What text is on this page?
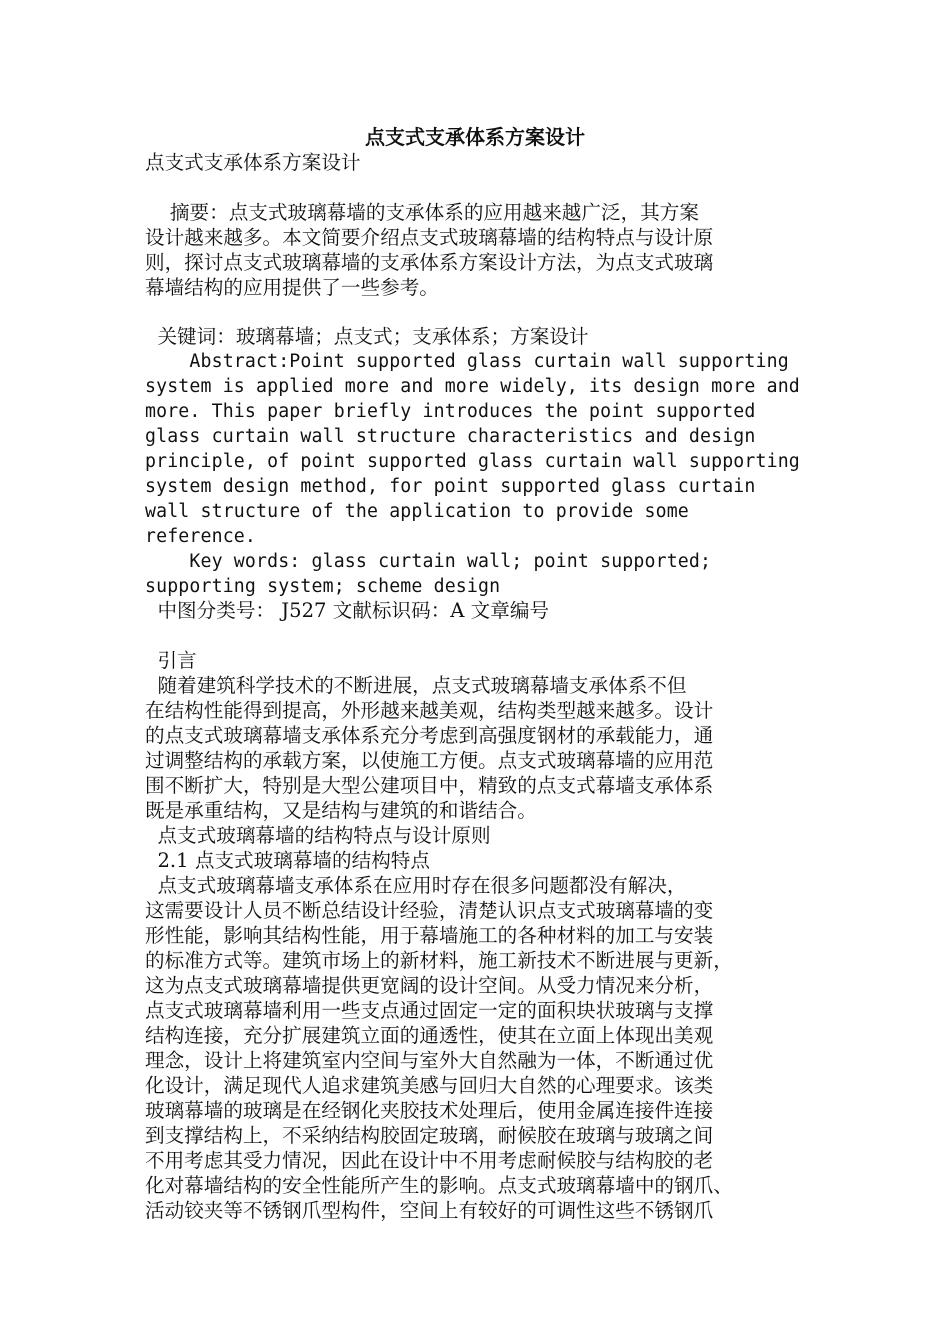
点支式支承体系方案设计
点支式支承体系方案设计
摘要：点支式玻璃幕墙的支承体系的应用越来越广泛，其方案
设计越来越多。本文简要介绍点支式玻璃幕墙的结构特点与设计原
则，探讨点支式玻璃幕墙的支承体系方案设计方法，为点支式玻璃
幕墙结构的应用提供了一些参考。
关键词：玻璃幕墙；点支式；支承体系；方案设计
Abstract:Point supported glass curtain wall supporting
system is applied more and more widely, its design more and
more. This paper briefly introduces the point supported
glass curtain wall structure characteristics and design
principle, of point supported glass curtain wall supporting
system design method, for point supported glass curtain
wall structure of the application to provide some
reference.
Key words: glass curtain wall; point supported;
supporting system; scheme design
中图分类号： J527 文献标识码：A 文章编号
引言
随着建筑科学技术的不断进展，点支式玻璃幕墙支承体系不但
在结构性能得到提高，外形越来越美观，结构类型越来越多。设计
的点支式玻璃幕墙支承体系充分考虑到高强度钢材的承载能力，通
过调整结构的承载方案，以使施工方便。点支式玻璃幕墙的应用范
围不断扩大，特别是大型公建项目中，精致的点支式幕墙支承体系
既是承重结构，又是结构与建筑的和谐结合。
点支式玻璃幕墙的结构特点与设计原则
2.1 点支式玻璃幕墙的结构特点
点支式玻璃幕墙支承体系在应用时存在很多问题都没有解决，
这需要设计人员不断总结设计经验，清楚认识点支式玻璃幕墙的变
形性能，影响其结构性能，用于幕墙施工的各种材料的加工与安装
的标准方式等。建筑市场上的新材料，施工新技术不断进展与更新，
这为点支式玻璃幕墙提供更宽阔的设计空间。从受力情况来分析，
点支式玻璃幕墙利用一些支点通过固定一定的面积块状玻璃与支撑
结构连接，充分扩展建筑立面的通透性，使其在立面上体现出美观
理念，设计上将建筑室内空间与室外大自然融为一体，不断通过优
化设计，满足现代人追求建筑美感与回归大自然的心理要求。该类
玻璃幕墙的玻璃是在经钢化夹胶技术处理后，使用金属连接件连接
到支撑结构上，不采纳结构胶固定玻璃，耐候胶在玻璃与玻璃之间
不用考虑其受力情况，因此在设计中不用考虑耐候胶与结构胶的老
化对幕墙结构的安全性能所产生的影响。点支式玻璃幕墙中的钢爪、
活动铰夹等不锈钢爪型构件，空间上有较好的可调性这些不锈钢爪
